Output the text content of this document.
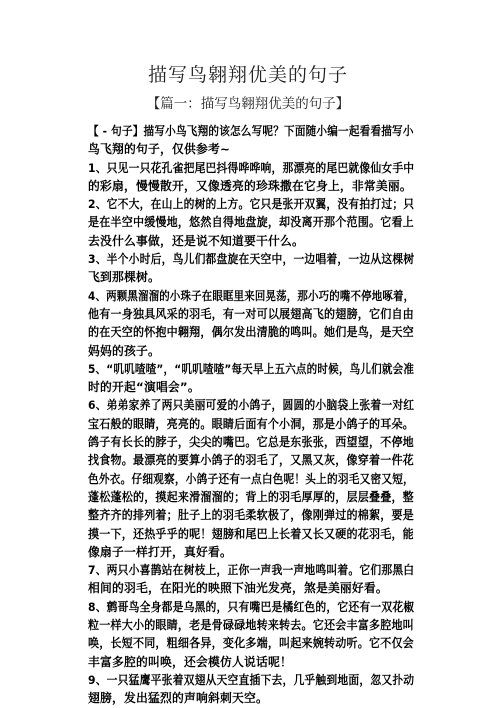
描写鸟翱翔优美的句子
【篇一：描写鸟翱翔优美的句子】
【 - 句子】描写小鸟飞翔的该怎么写呢？下面随小编一起看看描写小
鸟飞翔的句子，仅供参考~
1、只见一只花孔雀把尾巴抖得哗哗响，那漂亮的尾巴就像仙女手中
的彩扇，慢慢散开，又像透亮的珍珠撒在它身上，非常美丽。
2、它不大，在山上的树的上方。它只是张开双翼，没有拍打过；只
是在半空中缓慢地，悠然自得地盘旋，却没离开那个范围。它看上
去没什么事做，还是说不知道要干什么。
3、半个小时后，鸟儿们都盘旋在天空中，一边唱着，一边从这棵树
飞到那棵树。
4、两颗黑溜溜的小珠子在眼眶里来回晃荡，那小巧的嘴不停地啄着，
他有一身独具风采的羽毛，有一对可以展翅高飞的翅膀，它们自由
的在天空的怀抱中翱翔，偶尔发出清脆的鸣叫。她们是鸟，是天空
妈妈的孩子。
5、“叽叽喳喳”，“叽叽喳喳”每天早上五六点的时候，鸟儿们就会准
时的开起“演唱会”。
6、弟弟家养了两只美丽可爱的小鸽子，圆圆的小脑袋上张着一对红
宝石般的眼睛，亮亮的。眼睛后面有个小洞，那是小鸽子的耳朵。
鸽子有长长的脖子，尖尖的嘴巴。它总是东张张，西望望，不停地
找食物。最漂亮的要算小鸽子的羽毛了，又黑又灰，像穿着一件花
色外衣。仔细观察，小鸽子还有一点白色呢！头上的羽毛又密又短，
蓬松蓬松的，摸起来滑溜溜的；背上的羽毛厚厚的，层层叠叠，整
整齐齐的排列着；肚子上的羽毛柔软极了，像刚弹过的棉絮，要是
摸一下，还热乎乎的呢！翅膀和尾巴上长着又长又硬的花羽毛，能
像扇子一样打开，真好看。
7、两只小喜鹊站在树枝上，正你一声我一声地鸣叫着。它们那黑白
相间的羽毛，在阳光的映照下油光发亮，煞是美丽好看。
8、鹩哥鸟全身都是乌黑的，只有嘴巴是橘红色的，它还有一双花椒
粒一样大小的眼睛，老是骨碌碌地转来转去。它还会丰富多腔地叫
唤，长短不同，粗细各异，变化多端，叫起来婉转动听。它不仅会
丰富多腔的叫唤，还会模仿人说话呢！
9、一只猛鹰平张着双翅从天空直插下去，几乎触到地面，忽又扑动
翅膀，发出猛烈的声响斜刺天空。
